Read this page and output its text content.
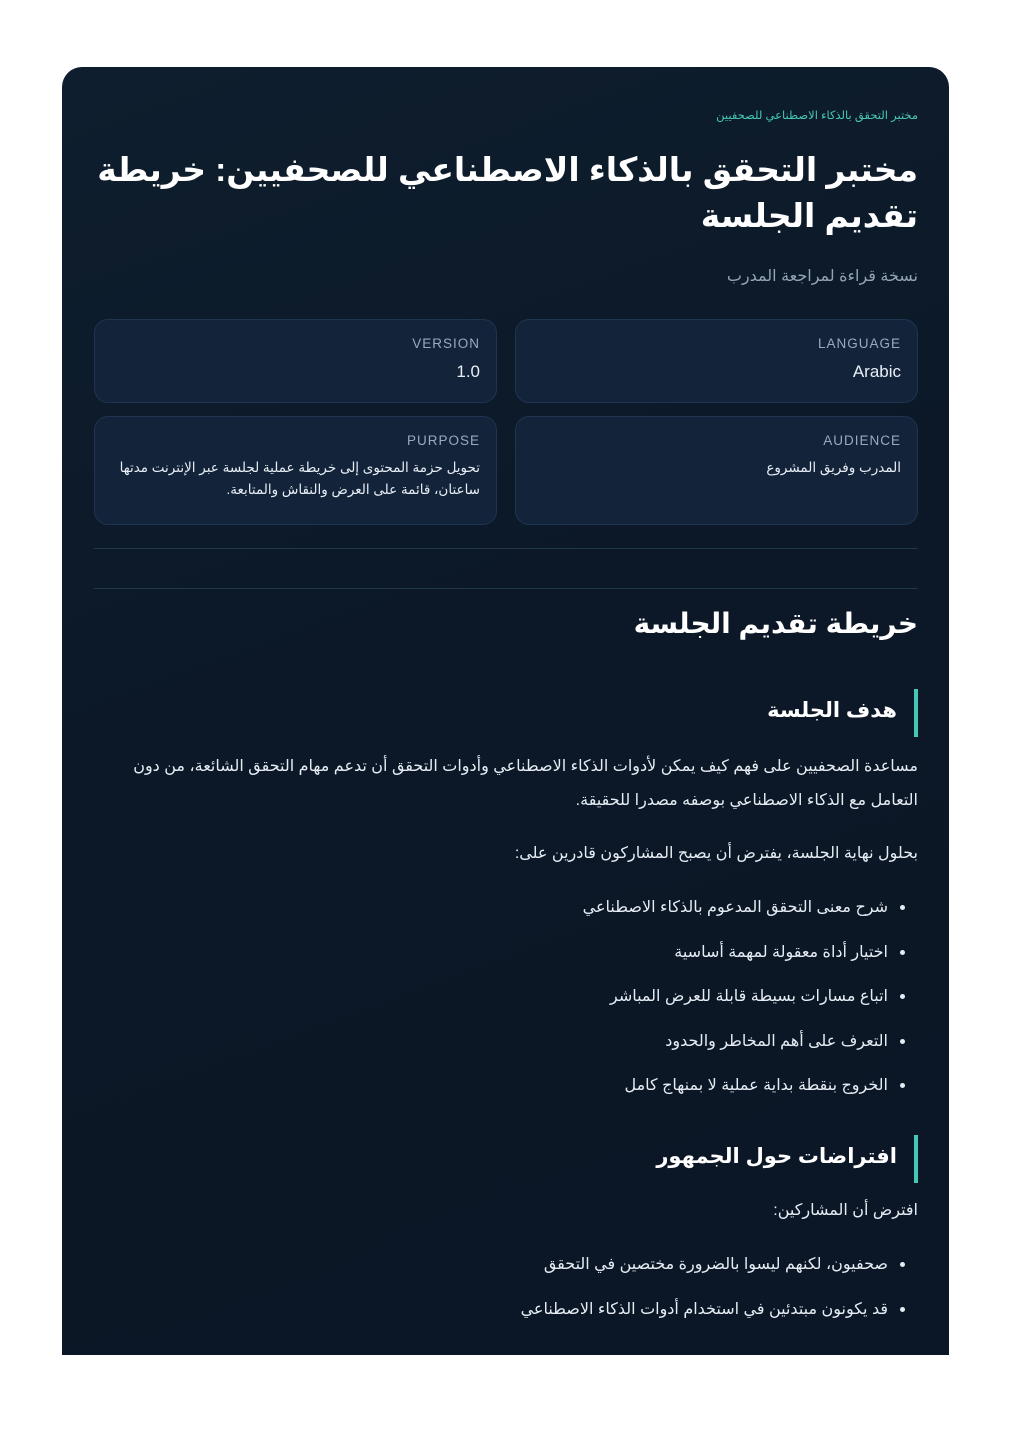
مختبر التحقق بالذكاء الاصطناعي للصحفيين
مختبر التحقق بالذكاء الاصطناعي للصحفيين: خريطة تقديم الجلسة
نسخة قراءة لمراجعة المدرب
LANGUAGE
Arabic
VERSION
1.0
AUDIENCE
المدرب وفريق المشروع
PURPOSE
تحويل حزمة المحتوى إلى خريطة عملية لجلسة عبر الإنترنت مدتها ساعتان، قائمة على العرض والنقاش والمتابعة.
خريطة تقديم الجلسة
هدف الجلسة

مساعدة الصحفيين على فهم كيف يمكن لأدوات الذكاء الاصطناعي وأدوات التحقق أن تدعم مهام التحقق الشائعة، من دون التعامل مع الذكاء الاصطناعي بوصفه مصدرا للحقيقة.

بحلول نهاية الجلسة، يفترض أن يصبح المشاركون قادرين على:

شرح معنى التحقق المدعوم بالذكاء الاصطناعي
اختيار أداة معقولة لمهمة أساسية
اتباع مسارات بسيطة قابلة للعرض المباشر
التعرف على أهم المخاطر والحدود
الخروج بنقطة بداية عملية لا بمنهاج كامل
افتراضات حول الجمهور

افترض أن المشاركين:

صحفيون، لكنهم ليسوا بالضرورة مختصين في التحقق
قد يكونون مبتدئين في استخدام أدوات الذكاء الاصطناعي
